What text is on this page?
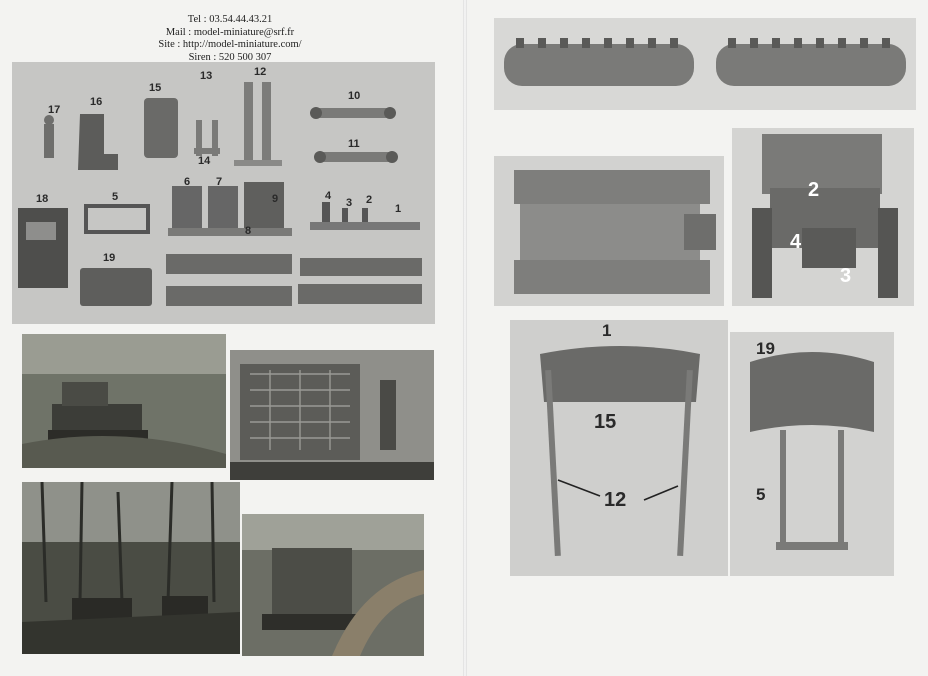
Tel : 03.54.44.43.21
Mail : model-miniature@srf.fr
Site : http://model-miniature.com/
Siren : 520 500 307
17
16
15
13
14
12
10
11
18	5
6 7
9
8
4
3 2
1
19
2
4
3
1
15
12
19
5
